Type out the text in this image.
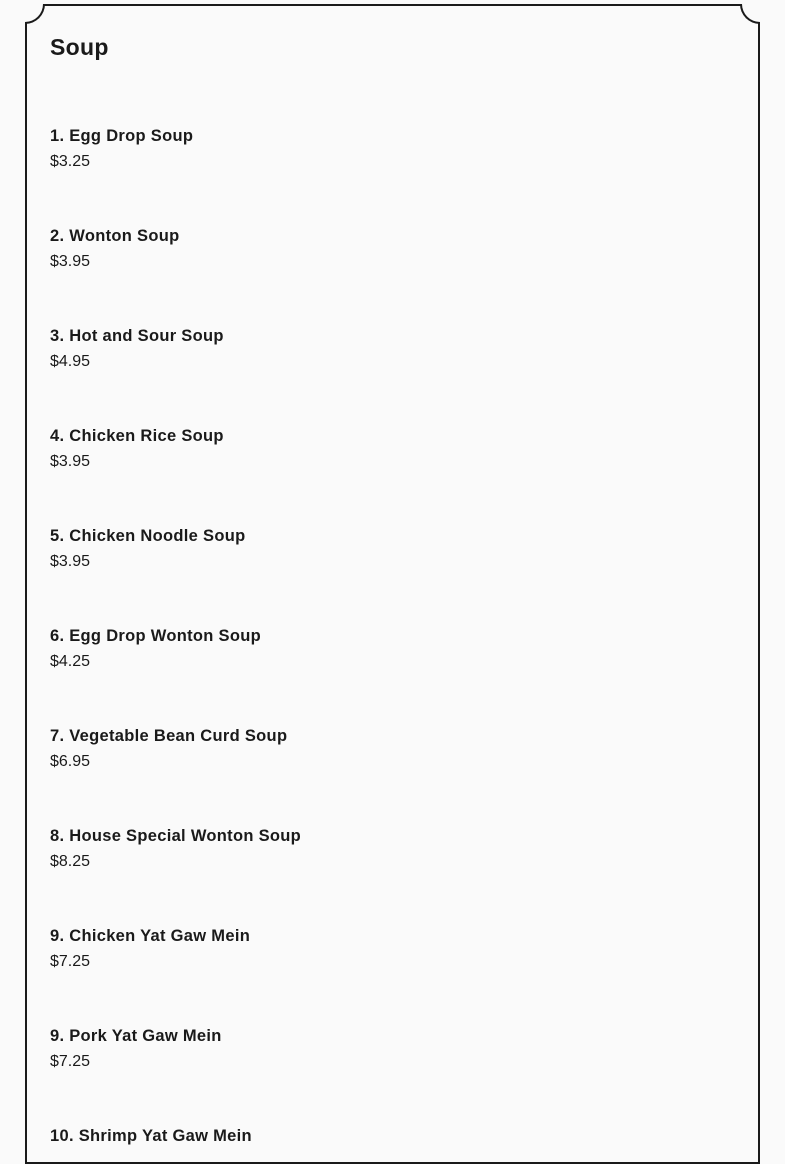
Soup
1. Egg Drop Soup
$3.25
2. Wonton Soup
$3.95
3. Hot and Sour Soup
$4.95
4. Chicken Rice Soup
$3.95
5. Chicken Noodle Soup
$3.95
6. Egg Drop Wonton Soup
$4.25
7. Vegetable Bean Curd Soup
$6.95
8. House Special Wonton Soup
$8.25
9. Chicken Yat Gaw Mein
$7.25
9. Pork Yat Gaw Mein
$7.25
10. Shrimp Yat Gaw Mein
